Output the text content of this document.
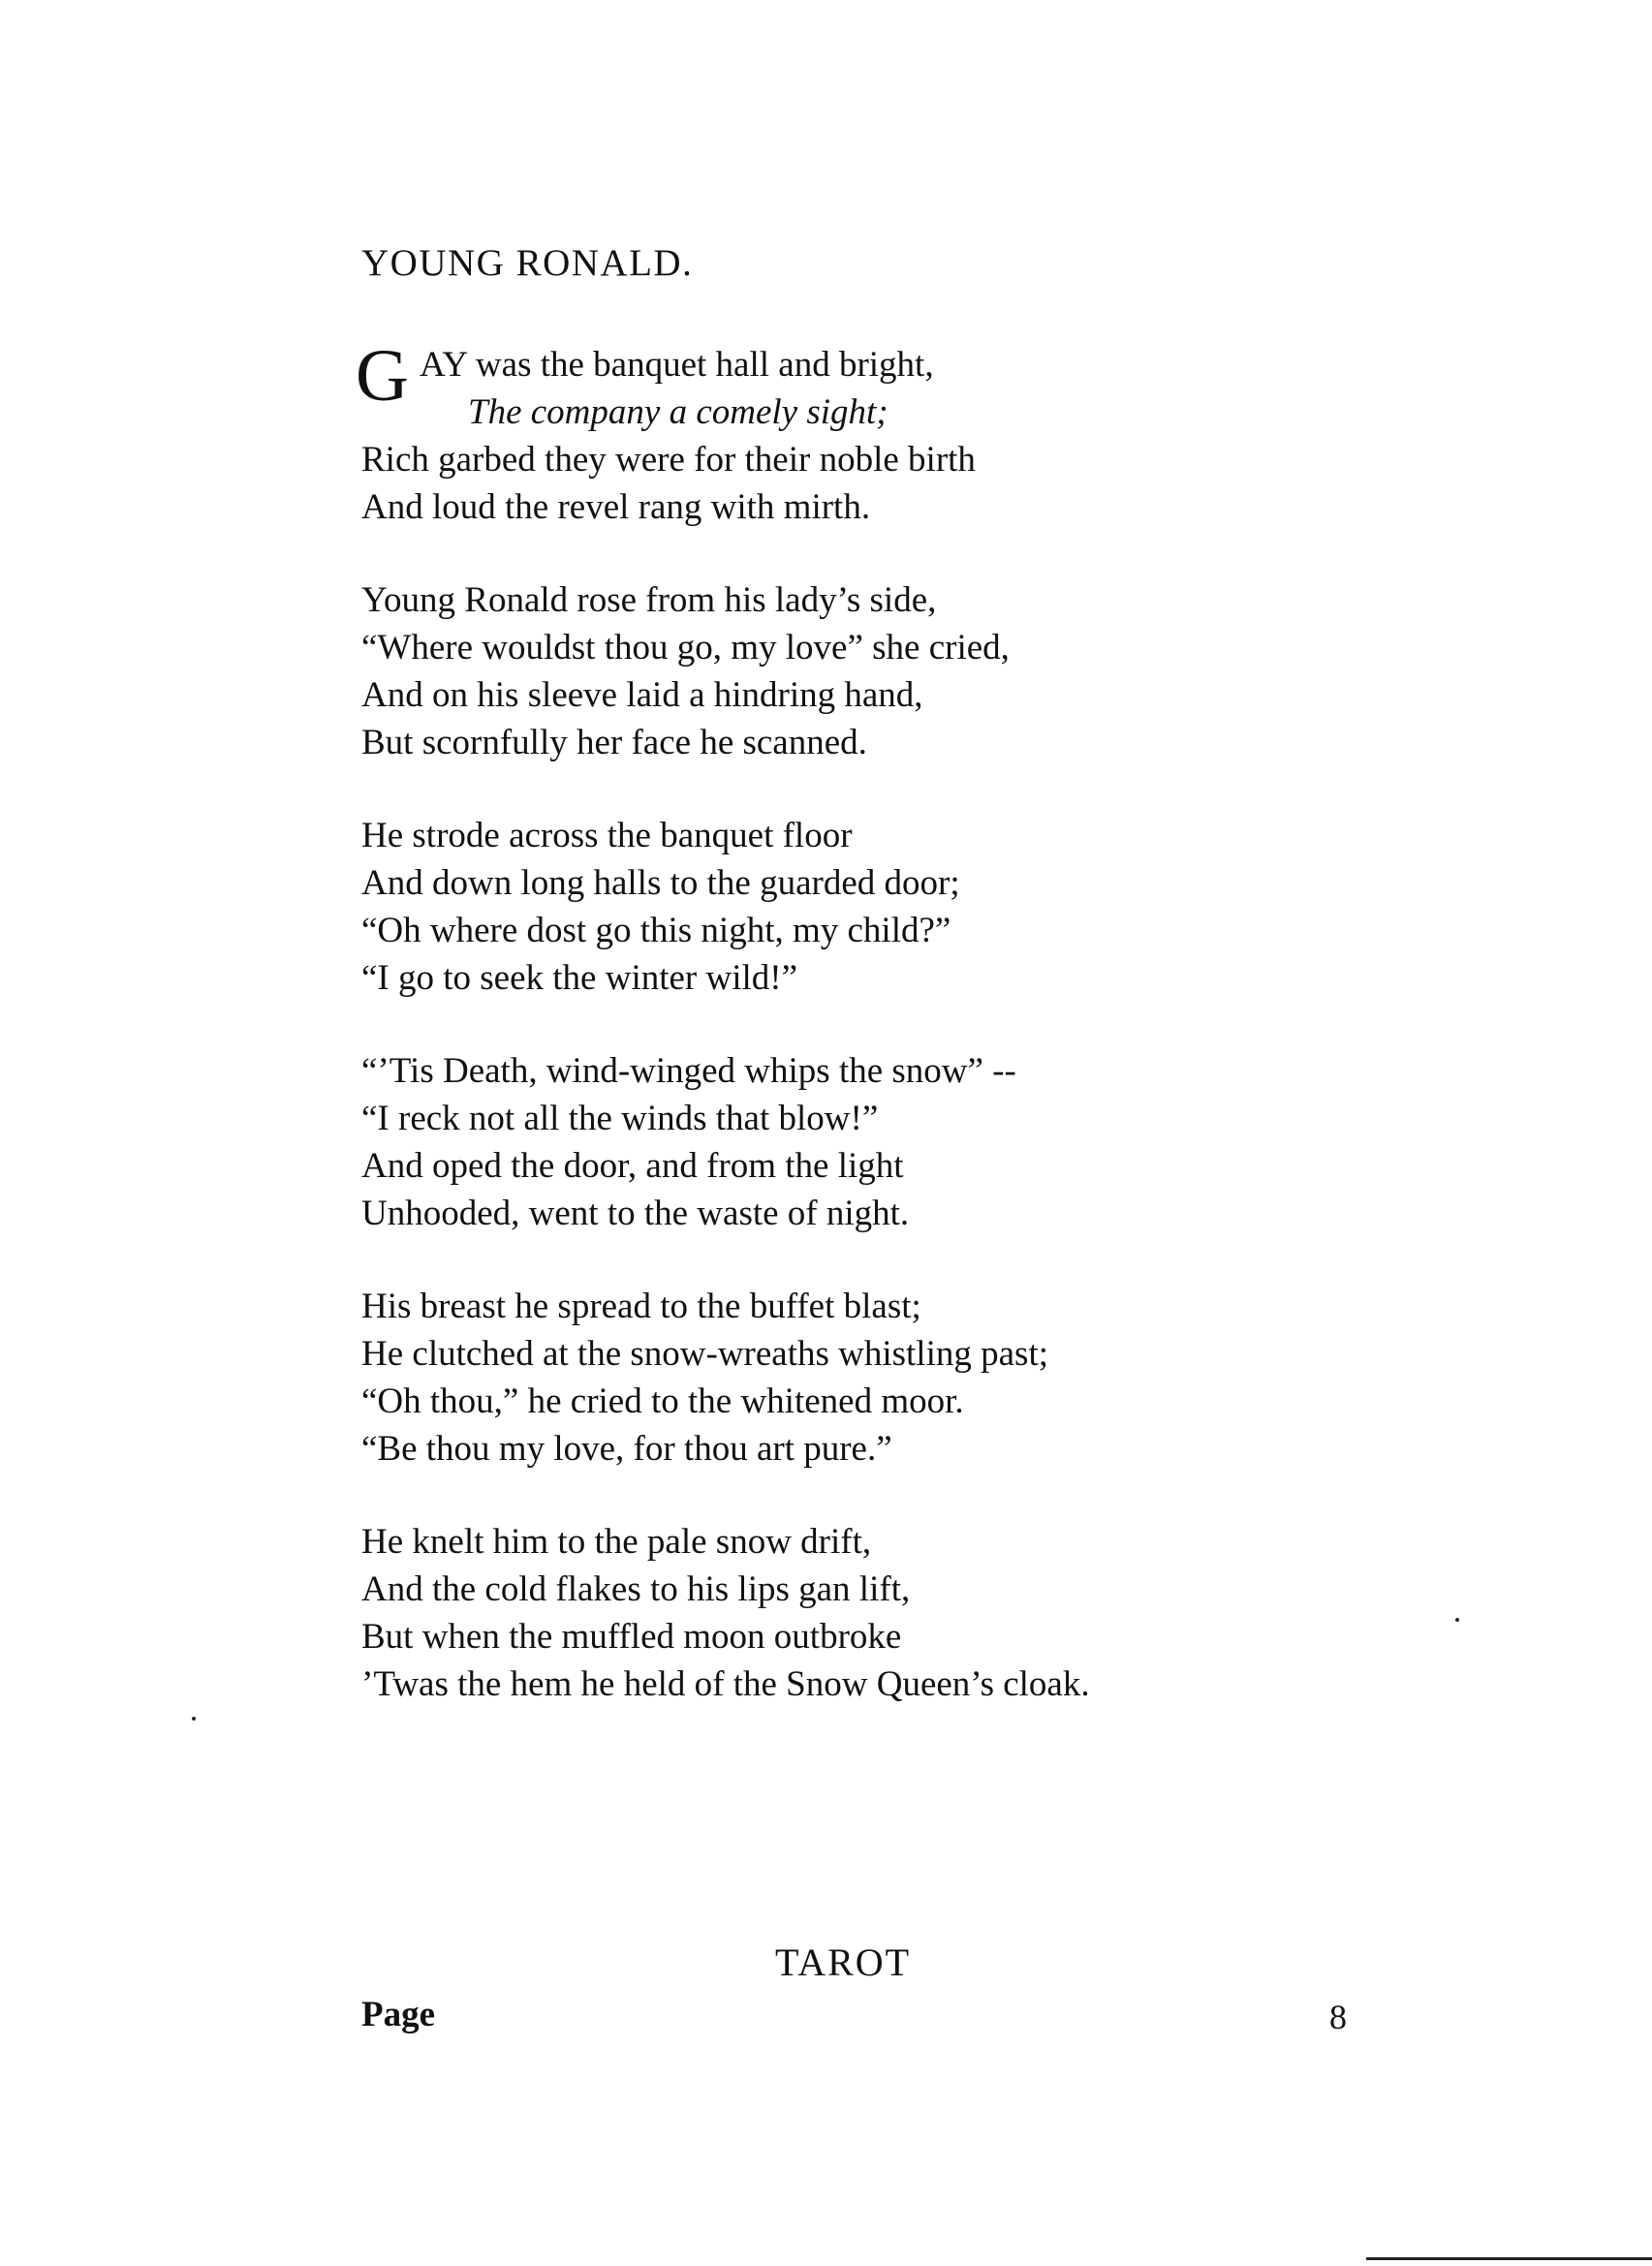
YOUNG RONALD.
G AY was the banquet hall and bright,
The company a comely sight;
Rich garbed they were for their noble birth
And loud the revel rang with mirth.
Young Ronald rose from his lady’s side,
“Where wouldst thou go, my love” she cried,
And on his sleeve laid a hindring hand,
But scornfully her face he scanned.
He strode across the banquet floor
And down long halls to the guarded door;
“Oh where dost go this night, my child?”
“I go to seek the winter wild!”
“’Tis Death, wind-winged whips the snow” --
“I reck not all the winds that blow!”
And oped the door, and from the light
Unhooded, went to the waste of night.
His breast he spread to the buffet blast;
He clutched at the snow-wreaths whistling past;
“Oh thou,” he cried to the whitened moor.
“Be thou my love, for thou art pure.”
He knelt him to the pale snow drift,
And the cold flakes to his lips gan lift,
But when the muffled moon outbroke
’Twas the hem he held of the Snow Queen’s cloak.
TAROT
Page	8
